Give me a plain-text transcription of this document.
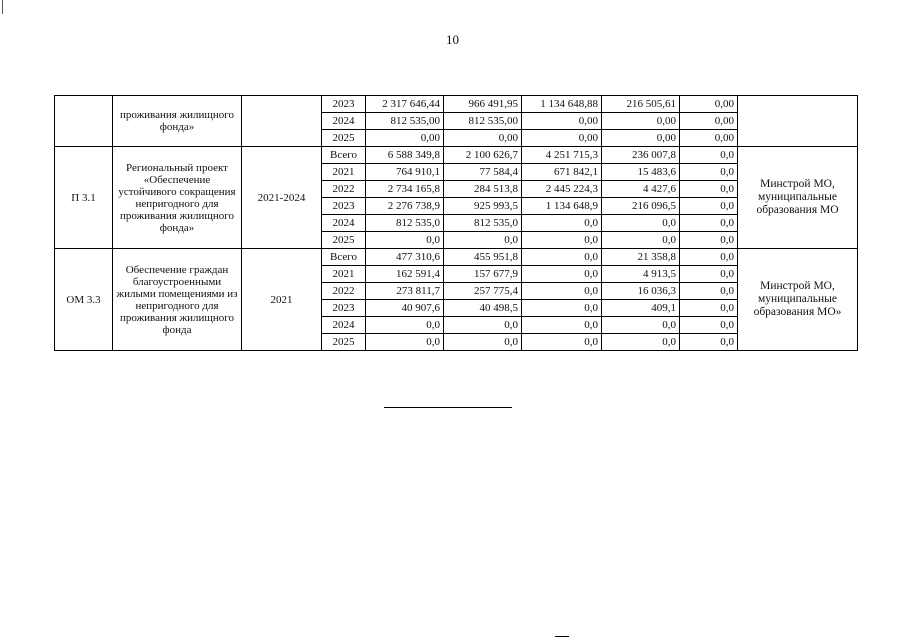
10
	проживания жилищного фонда»		2023	2 317 646,44	966 491,95	1 134 648,88	216 505,61	0,00	
			2024	812 535,00	812 535,00	0,00	0,00	0,00	
			2025	0,00	0,00	0,00	0,00	0,00	
П 3.1	Региональный проект «Обеспечение устойчивого сокращения непригодного для проживания жилищного фонда»	2021-2024	Всего	6 588 349,8	2 100 626,7	4 251 715,3	236 007,8	0,0	Минстрой МО, муниципальные образования МО
			2021	764 910,1	77 584,4	671 842,1	15 483,6	0,0	
			2022	2 734 165,8	284 513,8	2 445 224,3	4 427,6	0,0	
			2023	2 276 738,9	925 993,5	1 134 648,9	216 096,5	0,0	
			2024	812 535,0	812 535,0	0,0	0,0	0,0	
			2025	0,0	0,0	0,0	0,0	0,0	
ОМ 3.3	Обеспечение граждан благоустроенными жилыми помещениями из непригодного для проживания жилищного фонда	2021	Всего	477 310,6	455 951,8	0,0	21 358,8	0,0	Минстрой МО, муниципальные образования МО»
			2021	162 591,4	157 677,9	0,0	4 913,5	0,0	
			2022	273 811,7	257 775,4	0,0	16 036,3	0,0	
			2023	40 907,6	40 498,5	0,0	409,1	0,0	
			2024	0,0	0,0	0,0	0,0	0,0	
			2025	0,0	0,0	0,0	0,0	0,0	
